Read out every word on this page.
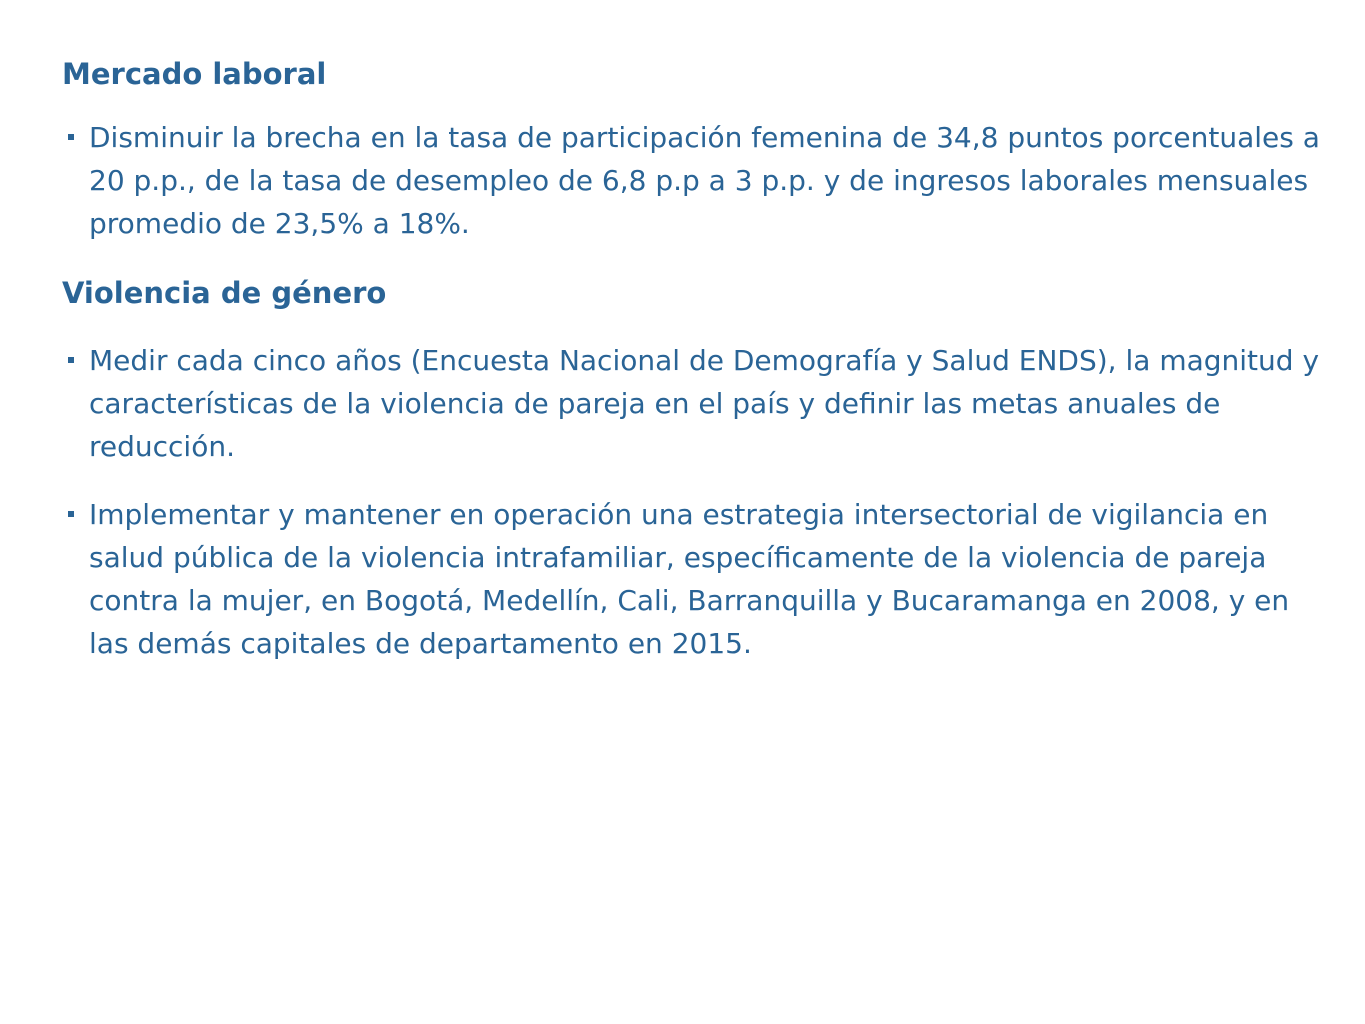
Mercado laboral
Disminuir la brecha en la tasa de participación femenina de 34,8 puntos porcentuales a 20 p.p., de la tasa de desempleo de 6,8 p.p a 3 p.p. y de ingresos laborales mensuales promedio de 23,5% a 18%.
Violencia de género
Medir cada cinco años (Encuesta Nacional de Demografía y Salud ENDS), la magnitud y características de la violencia de pareja en el país y definir las metas anuales de reducción.
Implementar y mantener en operación una estrategia intersectorial de vigilancia en salud pública de la violencia intrafamiliar, específicamente de la violencia de pareja contra la mujer, en Bogotá, Medellín, Cali, Barranquilla y Bucaramanga en 2008, y en las demás capitales de departamento en 2015.
